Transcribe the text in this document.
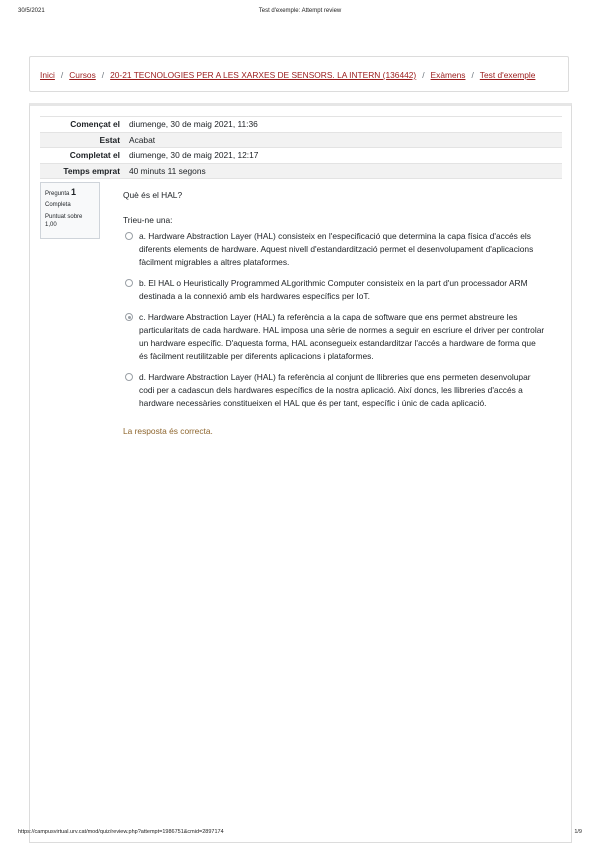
30/5/2021	Test d'exemple: Attempt review
Inici / Cursos / 20-21 TECNOLOGIES PER A LES XARXES DE SENSORS. LA INTERN (136442) / Exàmens / Test d'exemple
Començat el diumenge, 30 de maig 2021, 11:36
Estat Acabat
Completat el diumenge, 30 de maig 2021, 12:17
Temps emprat 40 minuts 11 segons
Pregunta 1
Completa
Puntuat sobre
1,00
Què és el HAL?
Trieu-ne una:
a. Hardware Abstraction Layer (HAL) consisteix en l'especificació que determina la capa física d'accés els diferents elements de hardware. Aquest nivell d'estandardització permet el desenvolupament d'aplicacions fàcilment migrables a altres plataformes.
b. El HAL o Heuristically Programmed ALgorithmic Computer consisteix en la part d'un processador ARM destinada a la connexió amb els hardwares específics per IoT.
c. Hardware Abstraction Layer (HAL) fa referència a la capa de software que ens permet abstreure les particularitats de cada hardware. HAL imposa una sèrie de normes a seguir en escriure el driver per controlar un hardware específic. D'aquesta forma, HAL aconsegueix estandarditzar l'accés a hardware de forma que és fàcilment reutilitzable per diferents aplicacions i plataformes.
d. Hardware Abstraction Layer (HAL) fa referència al conjunt de llibreries que ens permeten desenvolupar codi per a cadascun dels hardwares específics de la nostra aplicació. Així doncs, les llibreries d'accés a hardware necessàries constitueixen el HAL que és per tant, específic i únic de cada aplicació.
La resposta és correcta.
https://campusvirtual.urv.cat/mod/quiz/review.php?attempt=1986751&cmid=2897174	1/9
